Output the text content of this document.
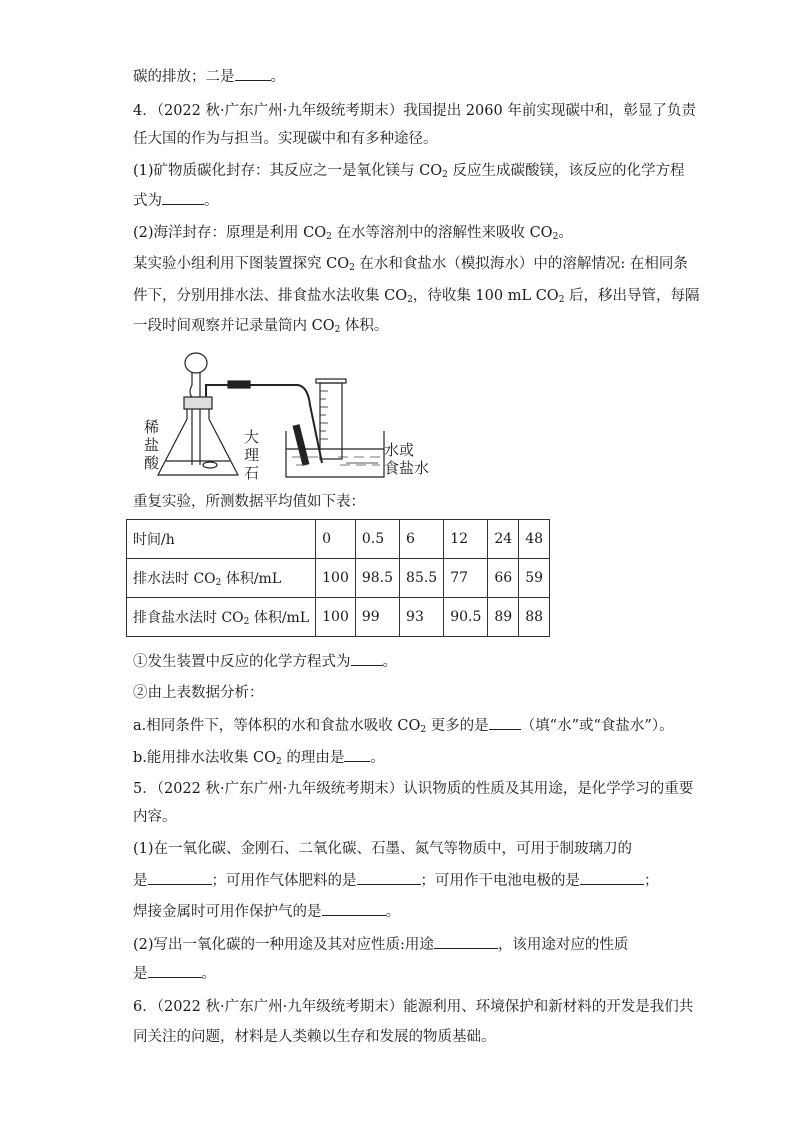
碳的排放；二是 。
4．（2022 秋·广东广州·九年级统考期末）我国提出 2060 年前实现碳中和，彰显了负责
任大国的作为与担当。实现碳中和有多种途径。
(1)矿物质碳化封存：其反应之一是氧化镁与 $CO_2$ 反应生成碳酸镁，该反应的化学方程
式为	。
(2)海洋封存：原理是利用 $CO_2$ 在水等溶剂中的溶解性来吸收 $CO_2$。
某实验小组利用下图装置探究 $CO_2$ 在水和食盐水（模拟海水）中的溶解情况: 在相同条
件下，分别用排水法、排食盐水法收集 $CO_2$，待收集 100 mL $CO_2$ 后，移出导管，每隔
一段时间观察并记录量筒内 $CO_2$ 体积。
稀
盐
酸
大
理
石
水或
食盐水
重复实验，所测数据平均值如下表：
时间/h	0	0.5	6	12	24	48
排水法时 $CO_2$ 体积/mL	100	98.5	85.5	77	66	59
排食盐水法时 $CO_2$ 体积/mL	100	99	93	90.5	89	88
①发生装置中反应的化学方程式为 。
②由上表数据分析：
a.相同条件下，等体积的水和食盐水吸收 $CO_2$ 更多的是 （填“水”或“食盐水”）。
b.能用排水法收集 $CO_2$ 的理由是 。
5．（2022 秋·广东广州·九年级统考期末）认识物质的性质及其用途，是化学学习的重要
内容。
(1)在一氧化碳、金刚石、二氧化碳、石墨、氮气等物质中，可用于制玻璃刀的
是	；可用作气体肥料的是	；可用作干电池电极的是	；
焊接金属时可用作保护气的是	。
(2)写出一氧化碳的一种用途及其对应性质:用途	，该用途对应的性质
是	。
6．（2022 秋·广东广州·九年级统考期末）能源利用、环境保护和新材料的开发是我们共
同关注的问题，材料是人类赖以生存和发展的物质基础。
